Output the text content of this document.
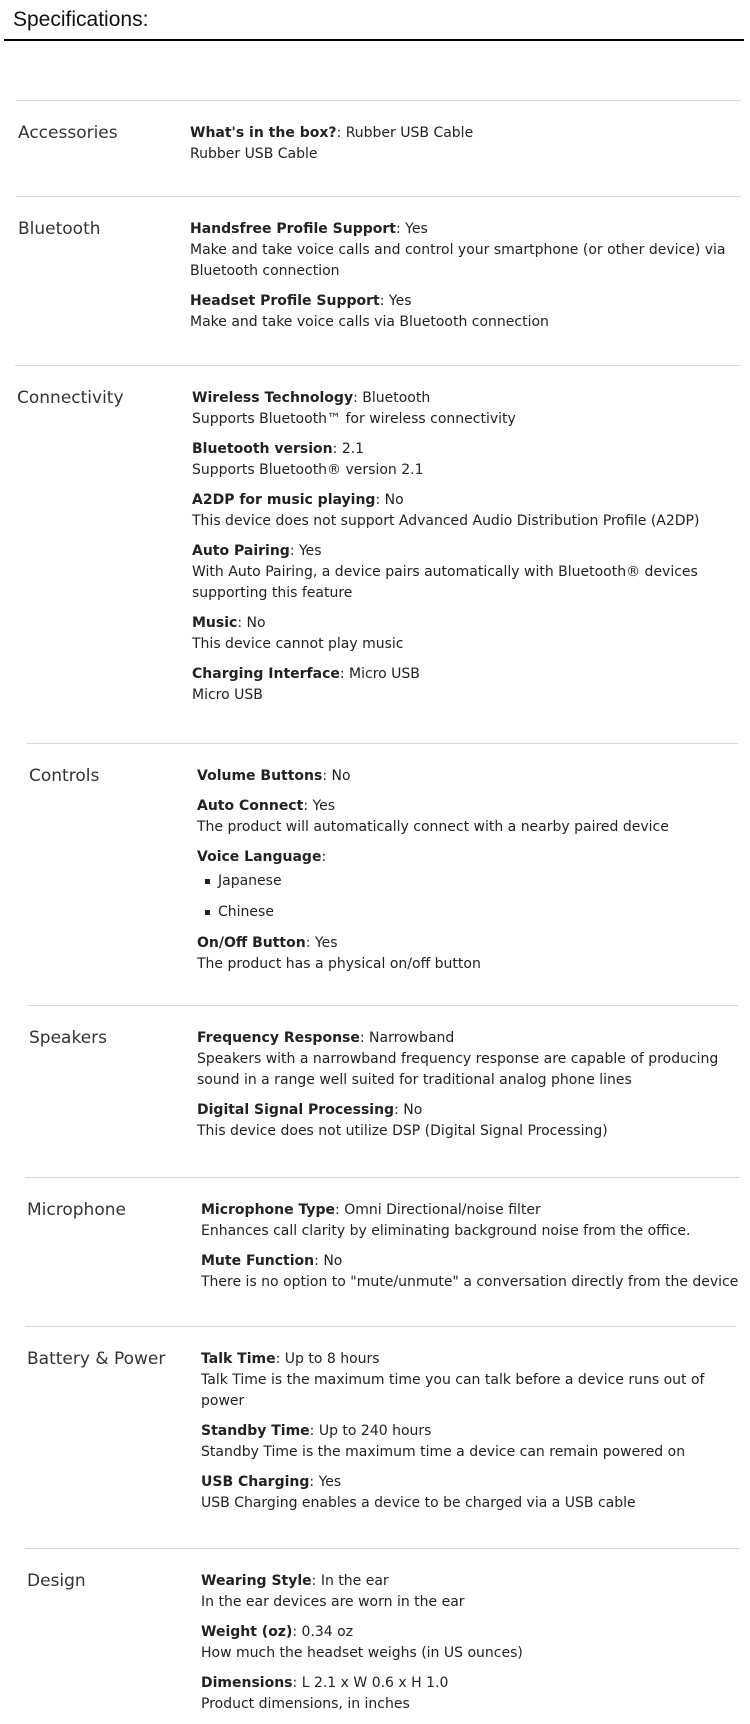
Specifications:
Accessories	What's in the box?: Rubber USB Cable
Rubber USB Cable
Bluetooth	Handsfree Profile Support: Yes
Make and take voice calls and control your smartphone (or other device) via Bluetooth connection
Headset Profile Support: Yes
Make and take voice calls via Bluetooth connection
Connectivity	Wireless Technology: Bluetooth
Supports Bluetooth™ for wireless connectivity
Bluetooth version: 2.1
Supports Bluetooth® version 2.1
A2DP for music playing: No
This device does not support Advanced Audio Distribution Profile (A2DP)
Auto Pairing: Yes
With Auto Pairing, a device pairs automatically with Bluetooth® devices supporting this feature
Music: No
This device cannot play music
Charging Interface: Micro USB
Micro USB
Controls	Volume Buttons: No
Auto Connect: Yes
The product will automatically connect with a nearby paired device
Voice Language:
Japanese
Chinese
On/Off Button: Yes
The product has a physical on/off button
Speakers	Frequency Response: Narrowband
Speakers with a narrowband frequency response are capable of producing sound in a range well suited for traditional analog phone lines
Digital Signal Processing: No
This device does not utilize DSP (Digital Signal Processing)
Microphone	Microphone Type: Omni Directional/noise filter
Enhances call clarity by eliminating background noise from the office.
Mute Function: No
There is no option to "mute/unmute" a conversation directly from the device
Battery & Power	Talk Time: Up to 8 hours
Talk Time is the maximum time you can talk before a device runs out of power
Standby Time: Up to 240 hours
Standby Time is the maximum time a device can remain powered on
USB Charging: Yes
USB Charging enables a device to be charged via a USB cable
Design	Wearing Style: In the ear
In the ear devices are worn in the ear
Weight (oz): 0.34 oz
How much the headset weighs (in US ounces)
Dimensions: L 2.1 x W 0.6 x H 1.0
Product dimensions, in inches
